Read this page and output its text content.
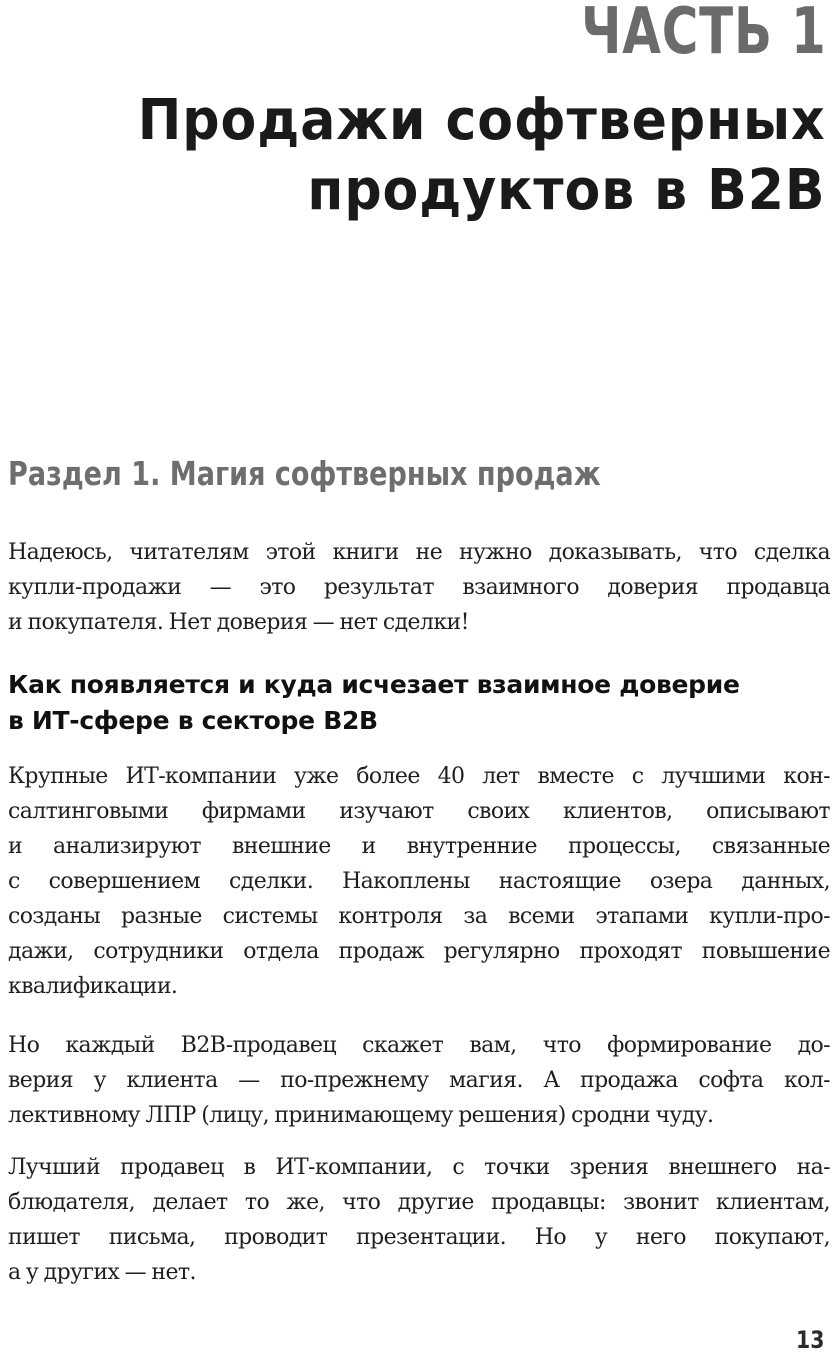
ЧАСТЬ 1
Продажи софтверных
продуктов в B2B
Раздел 1. Магия софтверных продаж

Надеюсь, читателям этой книги не нужно доказывать, что сделка
купли-продажи — это результат взаимного доверия продавца
и покупателя. Нет доверия — нет сделки!

Как появляется и куда исчезает взаимное доверие
в ИТ-сфере в секторе B2B

Крупные ИТ-компании уже более 40 лет вместе с лучшими кон-
салтинговыми фирмами изучают своих клиентов, описывают
и анализируют внешние и внутренние процессы, связанные
с совершением сделки. Накоплены настоящие озера данных,
созданы разные системы контроля за всеми этапами купли-про-
дажи, сотрудники отдела продаж регулярно проходят повышение
квалификации.

Но каждый B2B-продавец скажет вам, что формирование до-
верия у клиента — по-прежнему магия. А продажа софта кол-
лективному ЛПР (лицу, принимающему решения) сродни чуду.

Лучший продавец в ИТ-компании, с точки зрения внешнего на-
блюдателя, делает то же, что другие продавцы: звонит клиентам,
пишет письма, проводит презентации. Но у него покупают,
а у других — нет.

13
